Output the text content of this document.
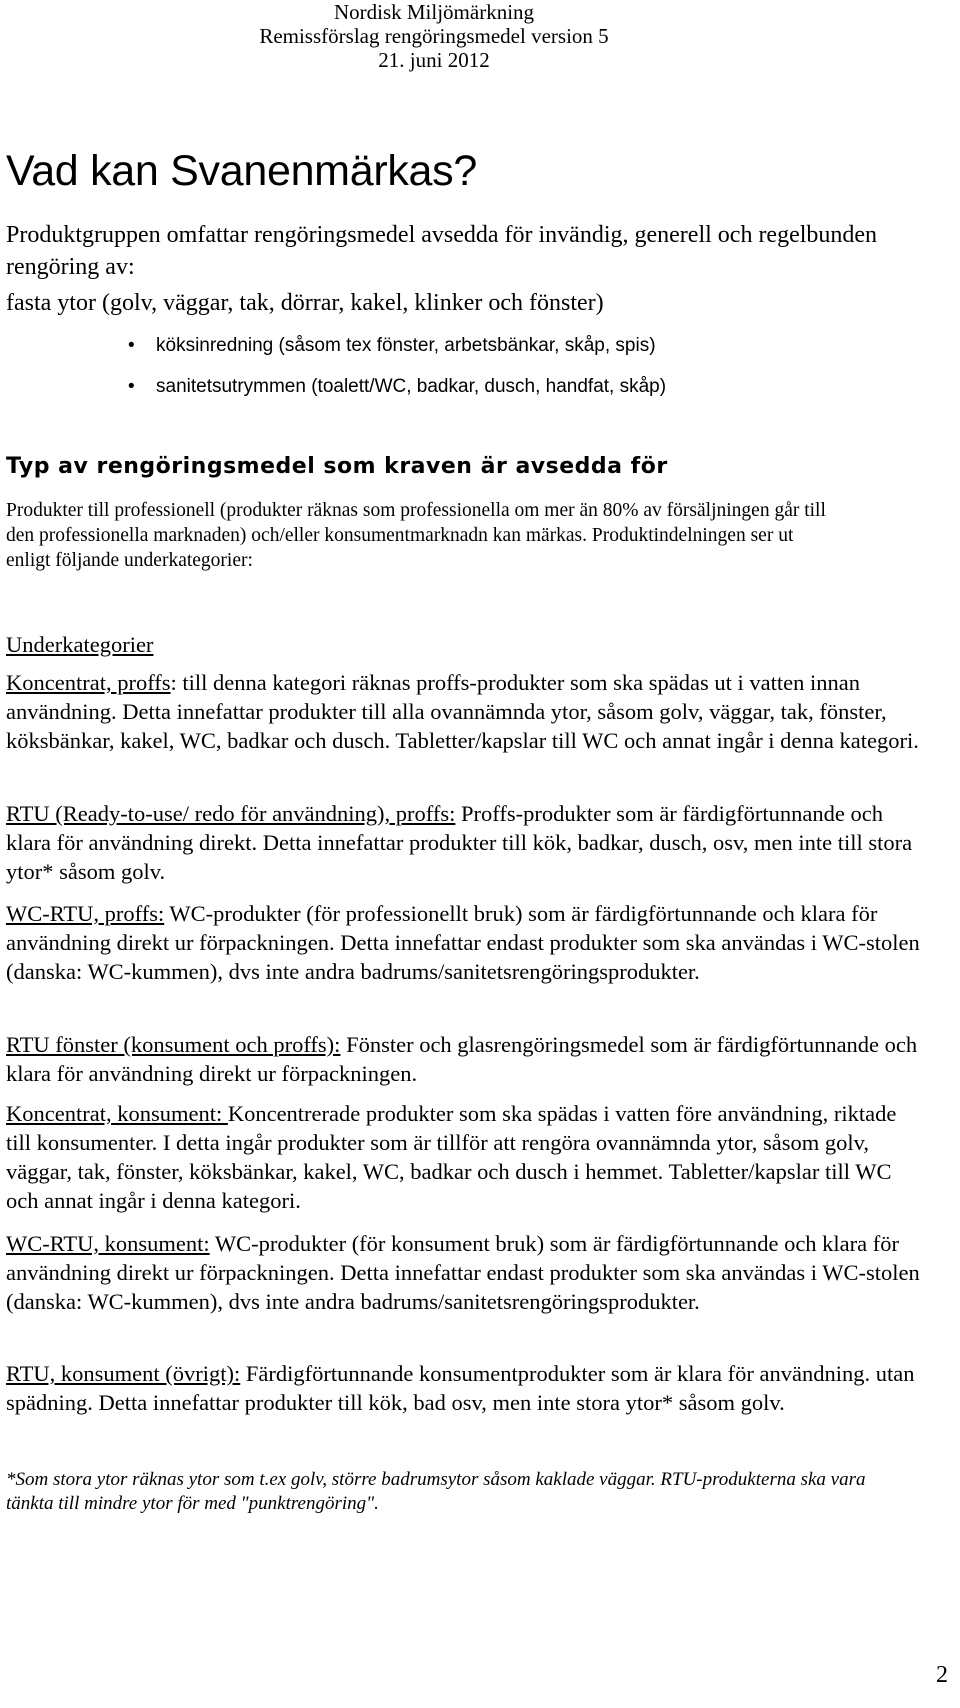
Nordisk Miljömärkning
Remissförslag rengöringsmedel version 5
21. juni 2012
Vad kan Svanenmärkas?

Produktgruppen omfattar rengöringsmedel avsedda för invändig, generell och regelbunden rengöring av:

fasta ytor (golv, väggar, tak, dörrar, kakel, klinker och fönster)
• köksinredning (såsom tex fönster, arbetsbänkar, skåp, spis)
• sanitetsutrymmen (toalett/WC, badkar, dusch, handfat, skåp)
Typ av rengöringsmedel som kraven är avsedda för

Produkter till professionell (produkter räknas som professionella om mer än 80% av försäljningen går till den professionella marknaden) och/eller konsumentmarknadn kan märkas. Produktindelningen ser ut enligt följande underkategorier:

Underkategorier

Koncentrat, proffs: till denna kategori räknas proffs-produkter som ska spädas ut i vatten innan användning. Detta innefattar produkter till alla ovannämnda ytor, såsom golv, väggar, tak, fönster, köksbänkar, kakel, WC, badkar och dusch. Tabletter/kapslar till WC och annat ingår i denna kategori.

RTU (Ready-to-use/ redo för användning), proffs: Proffs-produkter som är färdigförtunnande och klara för användning direkt. Detta innefattar produkter till kök, badkar, dusch, osv, men inte till stora ytor* såsom golv.

WC-RTU, proffs: WC-produkter (för professionellt bruk) som är färdigförtunnande och klara för användning direkt ur förpackningen. Detta innefattar endast produkter som ska användas i WC-stolen (danska: WC-kummen), dvs inte andra badrums/sanitetsrengöringsprodukter.

RTU fönster (konsument och proffs): Fönster och glasrengöringsmedel som är färdigförtunnande och klara för användning direkt ur förpackningen.

Koncentrat, konsument: Koncentrerade produkter som ska spädas i vatten före användning, riktade till konsumenter. I detta ingår produkter som är tillför att rengöra ovannämnda ytor, såsom golv, väggar, tak, fönster, köksbänkar, kakel, WC, badkar och dusch i hemmet. Tabletter/kapslar till WC och annat ingår i denna kategori.

WC-RTU, konsument: WC-produkter (för konsument bruk) som är färdigförtunnande och klara för användning direkt ur förpackningen. Detta innefattar endast produkter som ska användas i WC-stolen (danska: WC-kummen), dvs inte andra badrums/sanitetsrengöringsprodukter.

RTU, konsument (övrigt): Färdigförtunnande konsumentprodukter som är klara för användning. utan spädning. Detta innefattar produkter till kök, bad osv, men inte stora ytor* såsom golv.

*Som stora ytor räknas ytor som t.ex golv, större badrumsytor såsom kaklade väggar. RTU-produkterna ska vara tänkta till mindre ytor för med "punktrengöring".

2
